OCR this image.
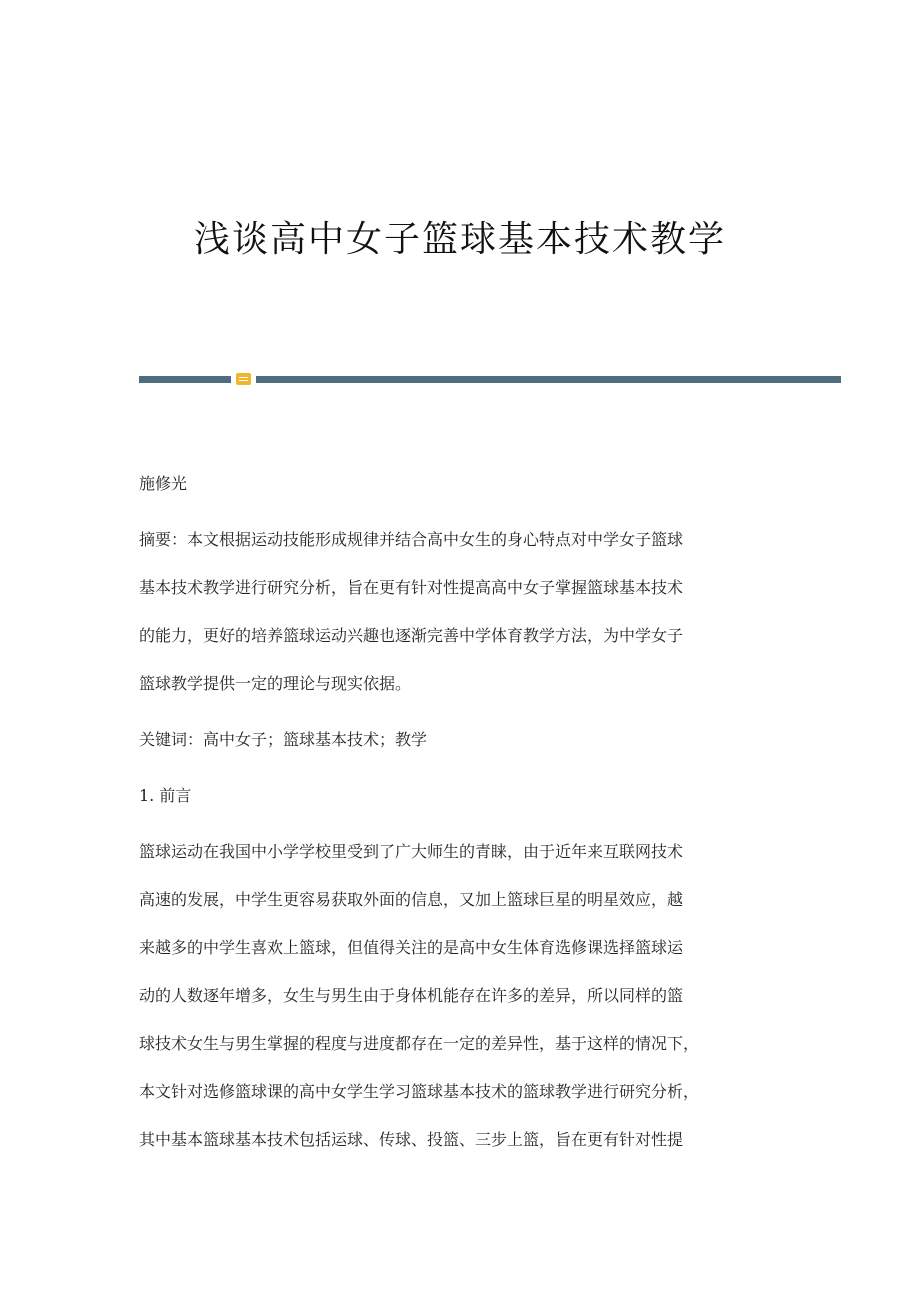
浅谈高中女子篮球基本技术教学
施修光
摘要：本文根据运动技能形成规律并结合高中女生的身心特点对中学女子篮球
基本技术教学进行研究分析，旨在更有针对性提高高中女子掌握篮球基本技术
的能力，更好的培养篮球运动兴趣也逐渐完善中学体育教学方法，为中学女子
篮球教学提供一定的理论与现实依据。
关键词：高中女子；篮球基本技术；教学
1. 前言
篮球运动在我国中小学学校里受到了广大师生的青睐，由于近年来互联网技术
高速的发展，中学生更容易获取外面的信息，又加上篮球巨星的明星效应，越
来越多的中学生喜欢上篮球，但值得关注的是高中女生体育选修课选择篮球运
动的人数逐年增多，女生与男生由于身体机能存在许多的差异，所以同样的篮
球技术女生与男生掌握的程度与进度都存在一定的差异性，基于这样的情况下，
本文针对选修篮球课的高中女学生学习篮球基本技术的篮球教学进行研究分析，
其中基本篮球基本技术包括运球、传球、投篮、三步上篮，旨在更有针对性提
